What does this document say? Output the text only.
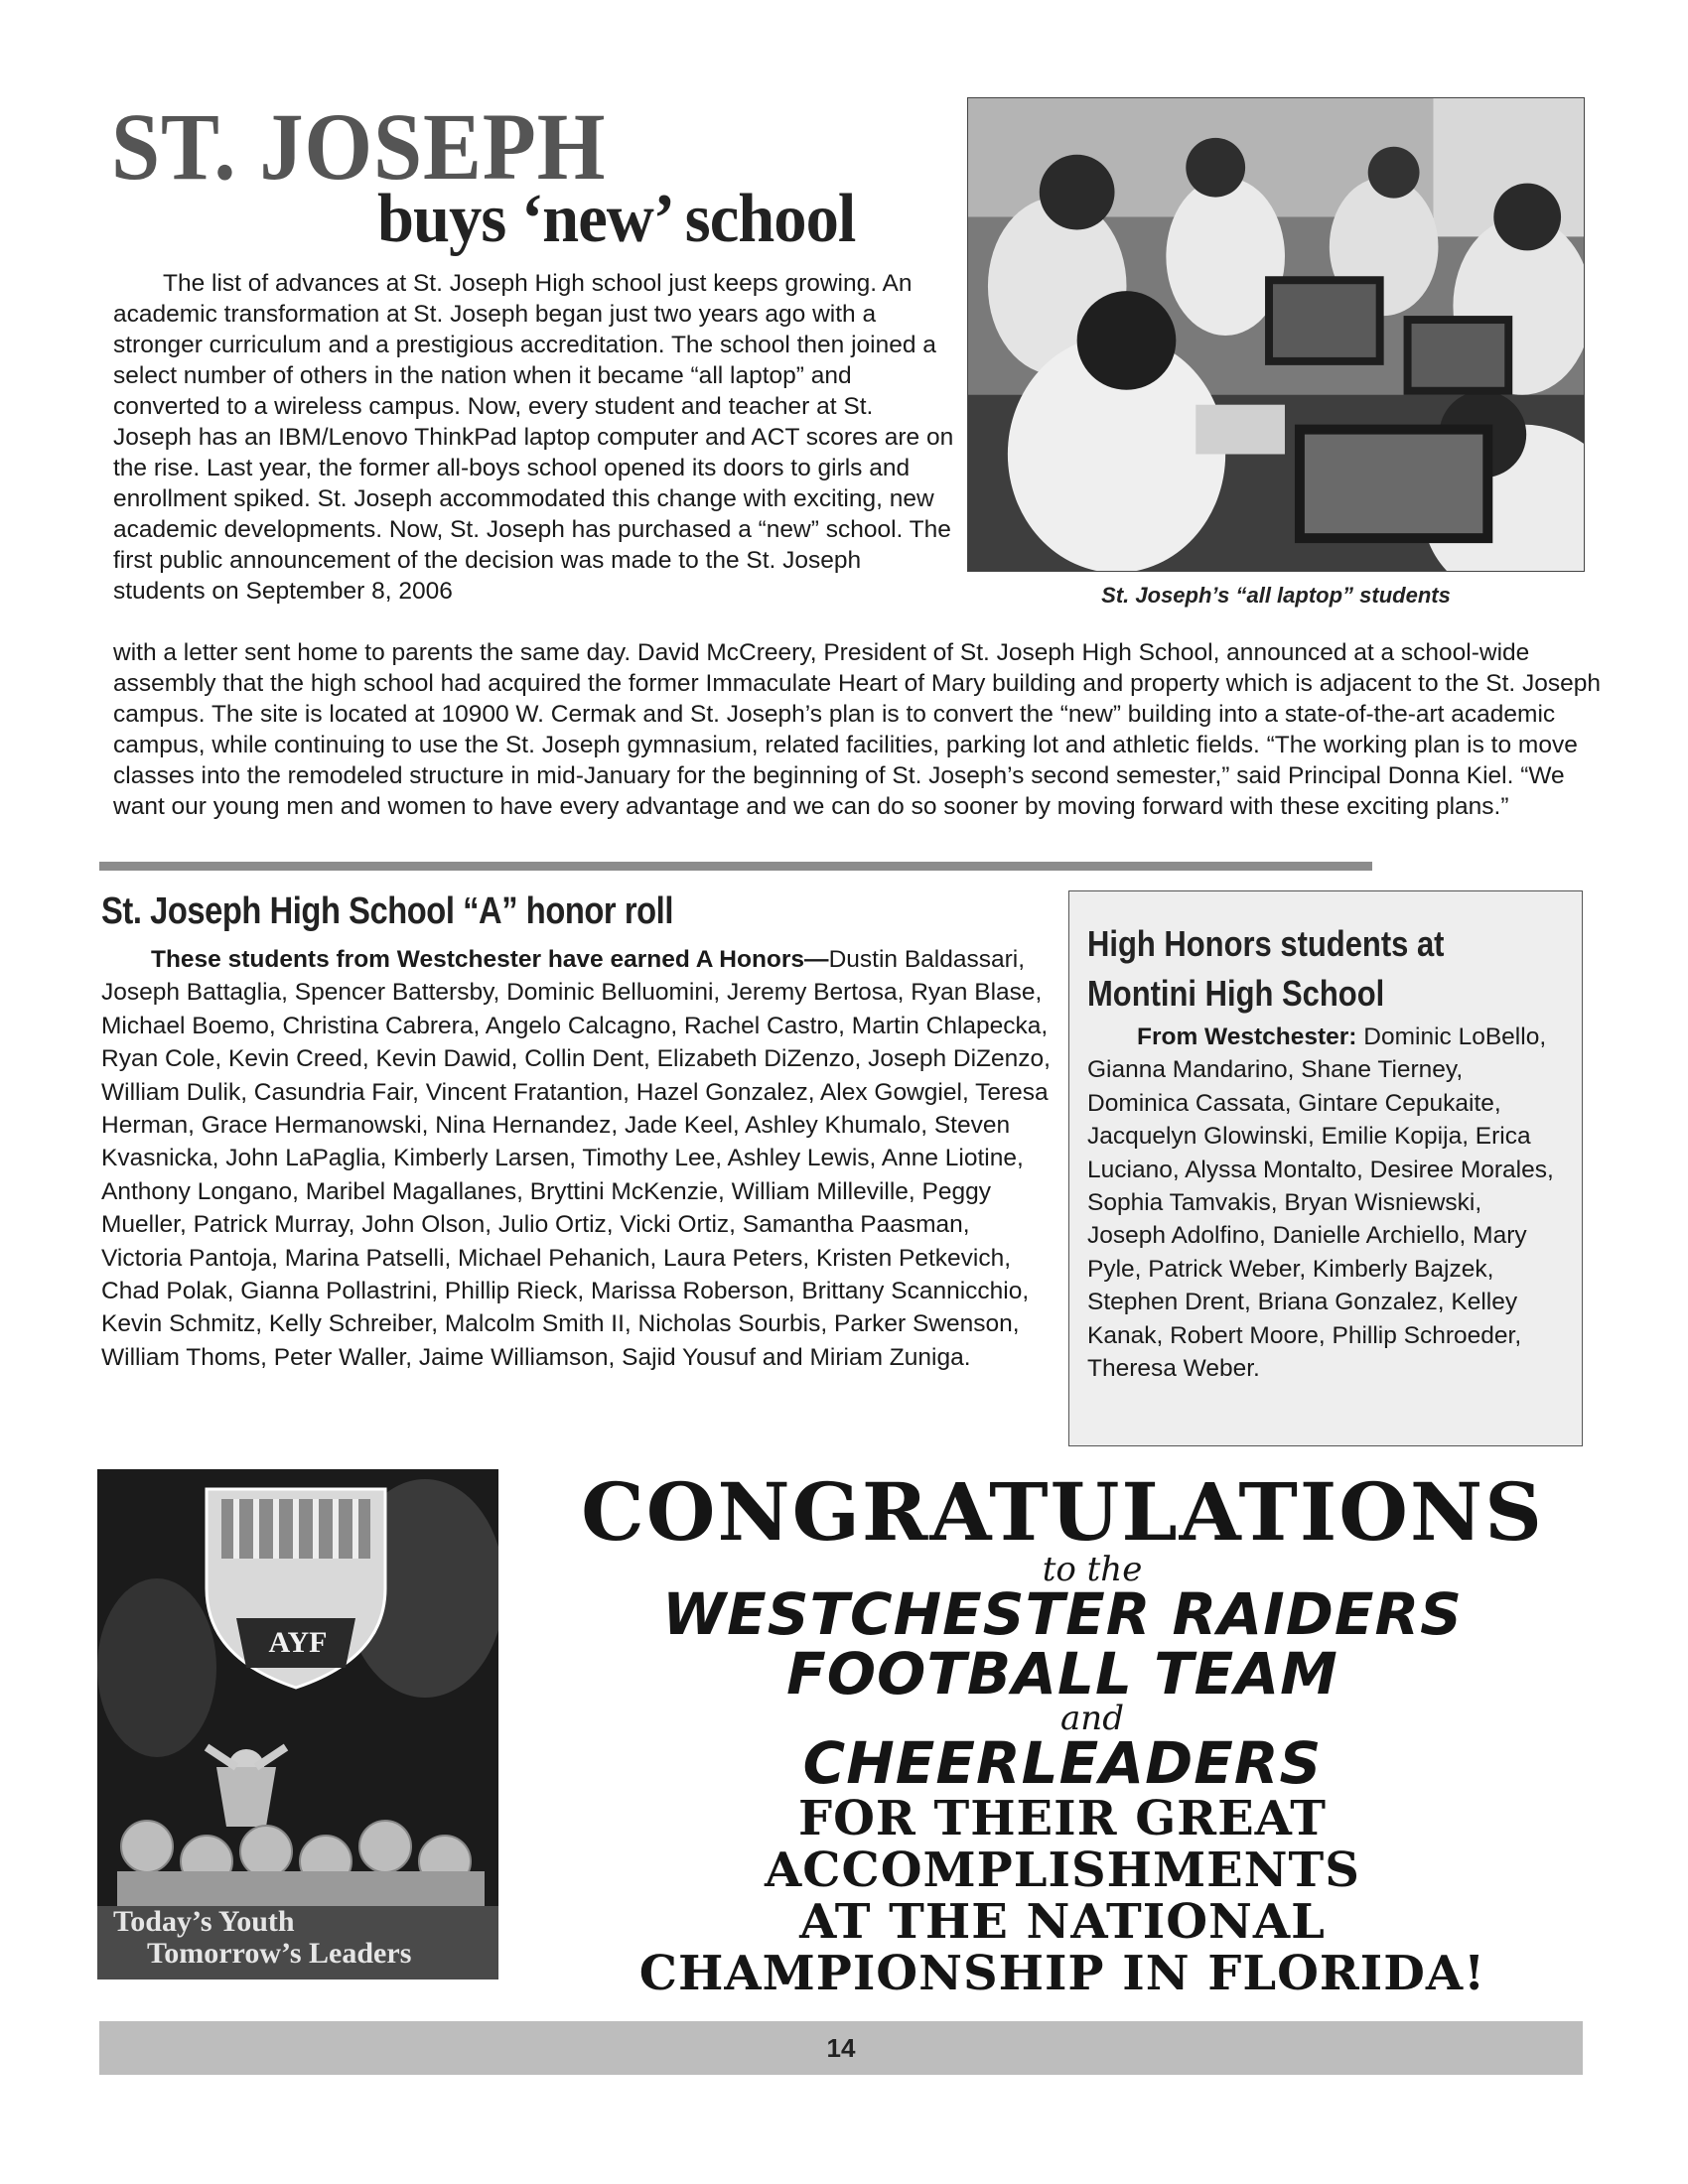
ST. JOSEPH
buys ‘new’ school
St. Joseph’s “all laptop” students

The list of advances at St. Joseph High school just keeps growing. An academic transformation at St. Joseph began just two years ago with a stronger curriculum and a prestigious accreditation. The school then joined a select number of others in the nation when it became “all laptop” and converted to a wireless campus. Now, every student and teacher at St. Joseph has an IBM/Lenovo ThinkPad laptop computer and ACT scores are on the rise. Last year, the former all-boys school opened its doors to girls and enrollment spiked. St. Joseph accommodated this change with exciting, new academic developments. Now, St. Joseph has purchased a “new” school. The first public announcement of the decision was made to the St. Joseph students on September 8, 2006

with a letter sent home to parents the same day. David McCreery, President of St. Joseph High School, announced at a school-wide assembly that the high school had acquired the former Immaculate Heart of Mary building and property which is adjacent to the St. Joseph campus. The site is located at 10900 W. Cermak and St. Joseph’s plan is to convert the “new” building into a state-of-the-art academic campus, while continuing to use the St. Joseph gymnasium, related facilities, parking lot and athletic fields. “The working plan is to move classes into the remodeled structure in mid-January for the beginning of St. Joseph’s second semester,” said Principal Donna Kiel. “We want our young men and women to have every advantage and we can do so sooner by moving forward with these exciting plans.”

St. Joseph High School “A” honor roll

These students from Westchester have earned A Honors—Dustin Baldassari, Joseph Battaglia, Spencer Battersby, Dominic Belluomini, Jeremy Bertosa, Ryan Blase, Michael Boemo, Christina Cabrera, Angelo Calcagno, Rachel Castro, Martin Chlapecka, Ryan Cole, Kevin Creed, Kevin Dawid, Collin Dent, Elizabeth DiZenzo, Joseph DiZenzo, William Dulik, Casundria Fair, Vincent Fratantion, Hazel Gonzalez, Alex Gowgiel, Teresa Herman, Grace Hermanowski, Nina Hernandez, Jade Keel, Ashley Khumalo, Steven Kvasnicka, John LaPaglia, Kimberly Larsen, Timothy Lee, Ashley Lewis, Anne Liotine, Anthony Longano, Maribel Magallanes, Bryttini McKenzie, William Milleville, Peggy Mueller, Patrick Murray, John Olson, Julio Ortiz, Vicki Ortiz, Samantha Paasman, Victoria Pantoja, Marina Patselli, Michael Pehanich, Laura Peters, Kristen Petkevich, Chad Polak, Gianna Pollastrini, Phillip Rieck, Marissa Roberson, Brittany Scannicchio, Kevin Schmitz, Kelly Schreiber, Malcolm Smith II, Nicholas Sourbis, Parker Swenson, William Thoms, Peter Waller, Jaime Williamson, Sajid Yousuf and Miriam Zuniga.

High Honors students at
Montini High School

From Westchester: Dominic LoBello, Gianna Mandarino, Shane Tierney, Dominica Cassata, Gintare Cepukaite, Jacquelyn Glowinski, Emilie Kopija, Erica Luciano, Alyssa Montalto, Desiree Morales, Sophia Tamvakis, Bryan Wisniewski, Joseph Adolfino, Danielle Archiello, Mary Pyle, Patrick Weber, Kimberly Bajzek, Stephen Drent, Briana Gonzalez, Kelley Kanak, Robert Moore, Phillip Schroeder, Theresa Weber.

AYF
Today’s Youth
Tomorrow’s Leaders
CONGRATULATIONS
to the
WESTCHESTER RAIDERS
FOOTBALL TEAM
and
CHEERLEADERS
FOR THEIR GREAT
ACCOMPLISHMENTS
AT THE NATIONAL
CHAMPIONSHIP IN FLORIDA!
14
